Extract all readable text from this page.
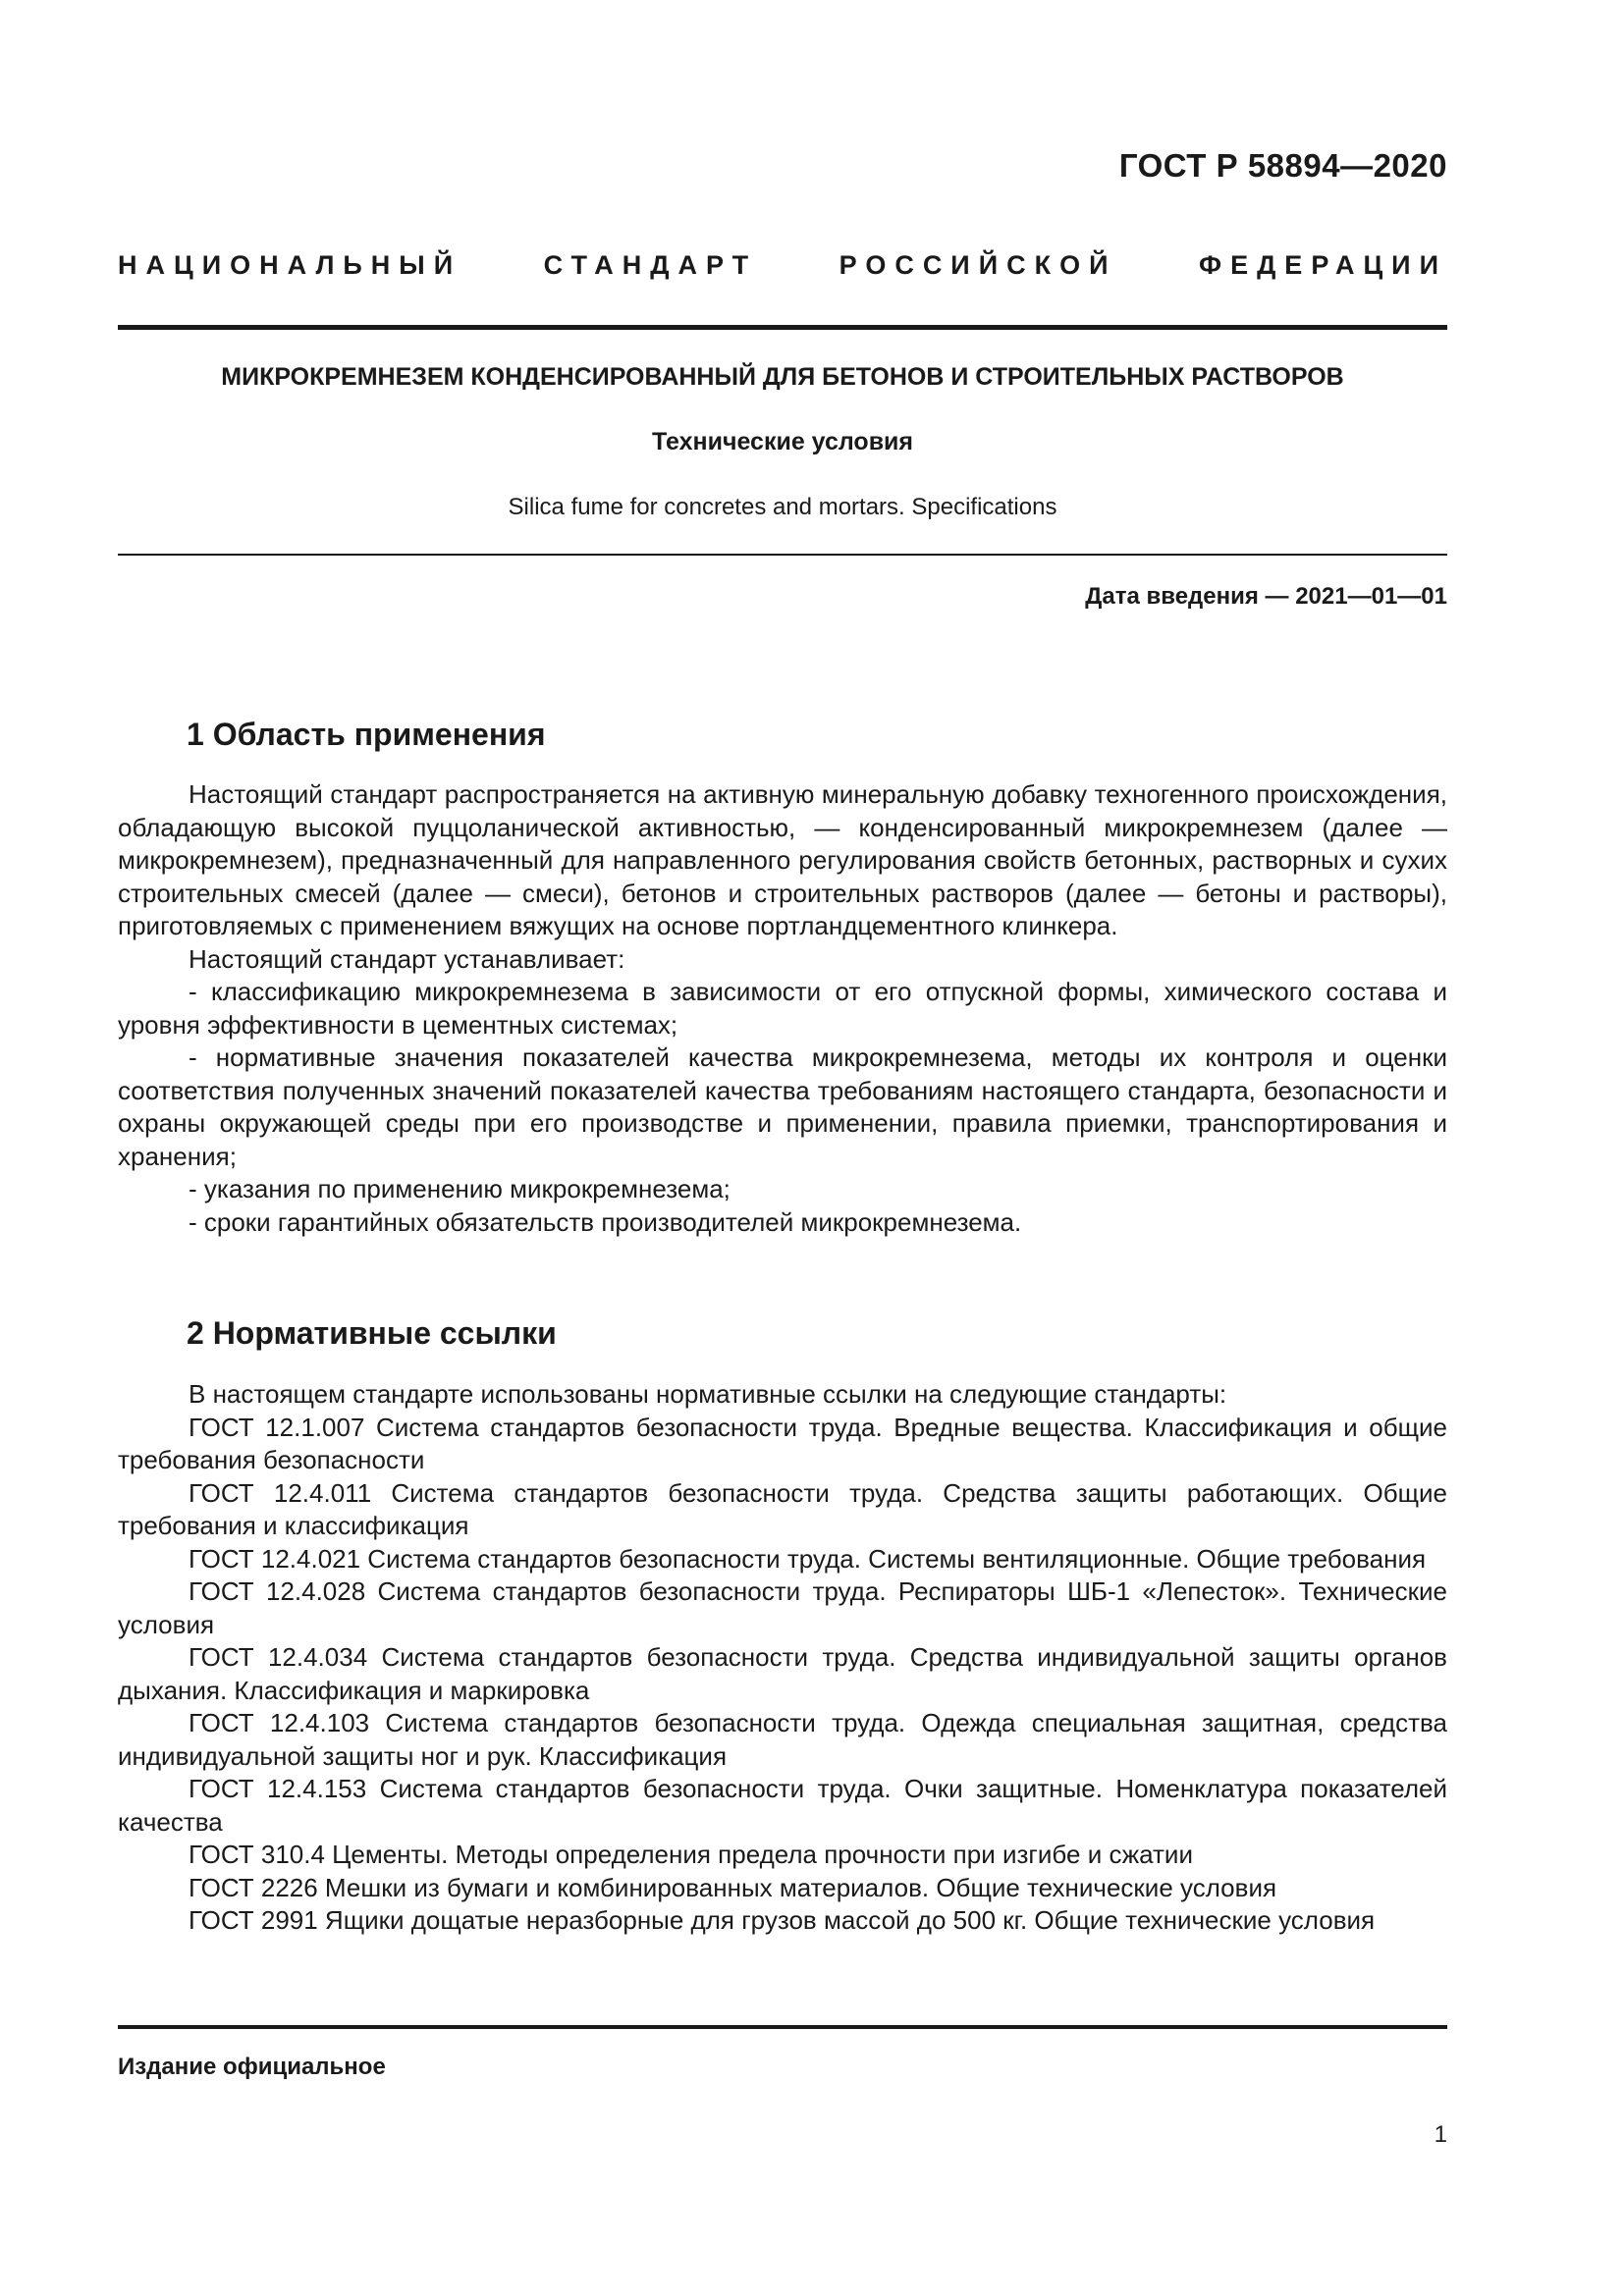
ГОСТ Р 58894—2020
НАЦИОНАЛЬНЫЙ СТАНДАРТ РОССИЙСКОЙ ФЕДЕРАЦИИ
МИКРОКРЕМНЕЗЕМ КОНДЕНСИРОВАННЫЙ ДЛЯ БЕТОНОВ И СТРОИТЕЛЬНЫХ РАСТВОРОВ
Технические условия
Silica fume for concretes and mortars. Specifications
Дата введения — 2021—01—01
1 Область применения

Настоящий стандарт распространяется на активную минеральную добавку техногенного происхождения, обладающую высокой пуццоланической активностью, — конденсированный микрокремнезем (далее — микрокремнезем), предназначенный для направленного регулирования свойств бетонных, растворных и сухих строительных смесей (далее — смеси), бетонов и строительных растворов (далее — бетоны и растворы), приготовляемых с применением вяжущих на основе портландцементного клинкера.

Настоящий стандарт устанавливает:

- классификацию микрокремнезема в зависимости от его отпускной формы, химического состава и уровня эффективности в цементных системах;

- нормативные значения показателей качества микрокремнезема, методы их контроля и оценки соответствия полученных значений показателей качества требованиям настоящего стандарта, безопасности и охраны окружающей среды при его производстве и применении, правила приемки, транспортирования и хранения;

- указания по применению микрокремнезема;

- сроки гарантийных обязательств производителей микрокремнезема.

2 Нормативные ссылки

В настоящем стандарте использованы нормативные ссылки на следующие стандарты:

ГОСТ 12.1.007 Система стандартов безопасности труда. Вредные вещества. Классификация и общие требования безопасности

ГОСТ 12.4.011 Система стандартов безопасности труда. Средства защиты работающих. Общие требования и классификация

ГОСТ 12.4.021 Система стандартов безопасности труда. Системы вентиляционные. Общие требования

ГОСТ 12.4.028 Система стандартов безопасности труда. Респираторы ШБ-1 «Лепесток». Технические условия

ГОСТ 12.4.034 Система стандартов безопасности труда. Средства индивидуальной защиты органов дыхания. Классификация и маркировка

ГОСТ 12.4.103 Система стандартов безопасности труда. Одежда специальная защитная, средства индивидуальной защиты ног и рук. Классификация

ГОСТ 12.4.153 Система стандартов безопасности труда. Очки защитные. Номенклатура показателей качества

ГОСТ 310.4 Цементы. Методы определения предела прочности при изгибе и сжатии

ГОСТ 2226 Мешки из бумаги и комбинированных материалов. Общие технические условия

ГОСТ 2991 Ящики дощатые неразборные для грузов массой до 500 кг. Общие технические условия

Издание официальное
1
